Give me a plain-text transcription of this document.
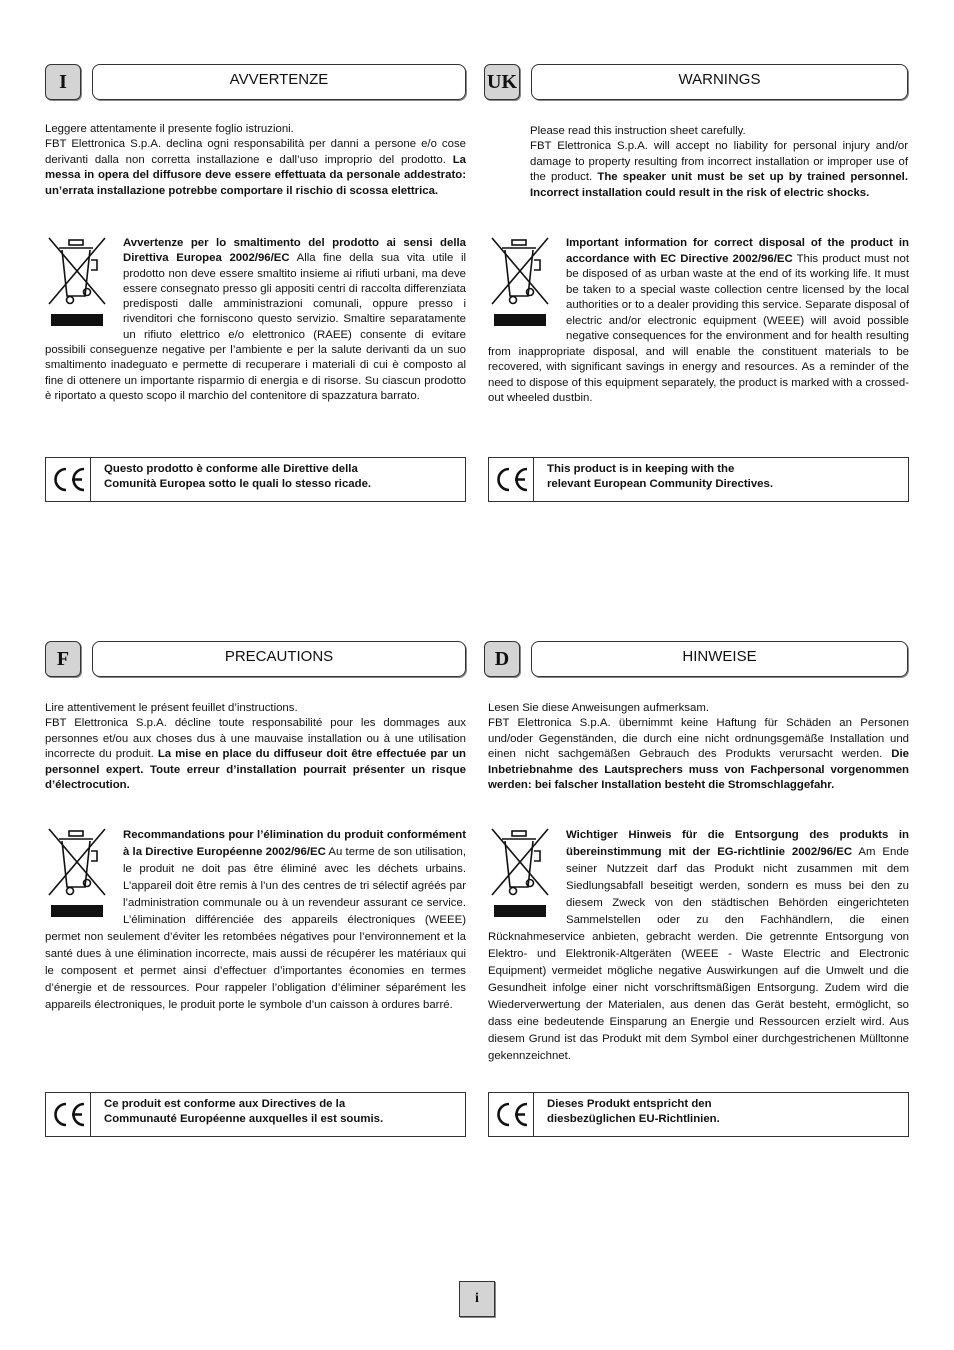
I	AVVERTENZE

Leggere attentamente il presente foglio istruzioni.

FBT Elettronica S.p.A. declina ogni responsabilità per danni a persone e/o cose derivanti dalla non corretta installazione e dall’uso improprio del prodotto. La messa in opera del diffusore deve essere effettuata da personale addestrato: un’errata installazione potrebbe comportare il rischio di scossa elettrica.

Avvertenze per lo smaltimento del prodotto ai sensi della Direttiva Europea 2002/96/EC Alla fine della sua vita utile il prodotto non deve essere smaltito insieme ai rifiuti urbani, ma deve essere consegnato presso gli appositi centri di raccolta differenziata predisposti dalle amministrazioni comunali, oppure presso i rivenditori che forniscono questo servizio. Smaltire separatamente un rifiuto elettrico e/o elettronico (RAEE) consente di evitare possibili conseguenze negative per l’ambiente e per la salute derivanti da un suo smaltimento inadeguato e permette di recuperare i materiali di cui è composto al fine di ottenere un importante risparmio di energia e di risorse. Su ciascun prodotto è riportato a questo scopo il marchio del contenitore di spazzatura barrato.
Questo prodotto è conforme alle Direttive della
Comunità Europea sotto le quali lo stesso ricade.
UK	WARNINGS

Please read this instruction sheet carefully.

FBT Elettronica S.p.A. will accept no liability for personal injury and/or damage to property resulting from incorrect installation or improper use of the product. The speaker unit must be set up by trained personnel. Incorrect installation could result in the risk of electric shocks.

Important information for correct disposal of the product in accordance with EC Directive 2002/96/EC This product must not be disposed of as urban waste at the end of its working life. It must be taken to a special waste collection centre licensed by the local authorities or to a dealer providing this service. Separate disposal of electric and/or electronic equipment (WEEE) will avoid possible negative consequences for the environment and for health resulting from inappropriate disposal, and will enable the constituent materials to be recovered, with significant savings in energy and resources. As a reminder of the need to dispose of this equipment separately, the product is marked with a crossed-out wheeled dustbin.
This product is in keeping with the
relevant European Community Directives.
F	PRECAUTIONS

Lire attentivement le présent feuillet d’instructions.

FBT Elettronica S.p.A. décline toute responsabilité pour les dommages aux personnes et/ou aux choses dus à une mauvaise installation ou à une utilisation incorrecte du produit. La mise en place du diffuseur doit être effectuée par un personnel expert. Toute erreur d’installation pourrait présenter un risque d’électrocution.

Recommandations pour l’élimination du produit conformément à la Directive Européenne 2002/96/EC Au terme de son utilisation, le produit ne doit pas être éliminé avec les déchets urbains. L’appareil doit être remis à l’un des centres de tri sélectif agréés par l’administration communale ou à un revendeur assurant ce service. L’élimination différenciée des appareils électroniques (WEEE) permet non seulement d’éviter les retombées négatives pour l’environnement et la santé dues à une élimination incorrecte, mais aussi de récupérer les matériaux qui le composent et permet ainsi d’effectuer d’importantes économies en termes d’énergie et de ressources. Pour rappeler l’obligation d’éliminer séparément les appareils électroniques, le produit porte le symbole d’un caisson à ordures barré.
Ce produit est conforme aux Directives de la
Communauté Européenne auxquelles il est soumis.
D	HINWEISE

Lesen Sie diese Anweisungen aufmerksam.

FBT Elettronica S.p.A. übernimmt keine Haftung für Schäden an Personen und/oder Gegenständen, die durch eine nicht ordnungsgemäße Installation und einen nicht sachgemäßen Gebrauch des Produkts verursacht werden. Die Inbetriebnahme des Lautsprechers muss von Fachpersonal vorgenommen werden: bei falscher Installation besteht die Stromschlaggefahr.

Wichtiger Hinweis für die Entsorgung des produkts in übereinstimmung mit der EG-richtlinie 2002/96/EC Am Ende seiner Nutzzeit darf das Produkt nicht zusammen mit dem Siedlungsabfall beseitigt werden, sondern es muss bei den zu diesem Zweck von den städtischen Behörden eingerichteten Sammelstellen oder zu den Fachhändlern, die einen Rücknahmeservice anbieten, gebracht werden. Die getrennte Entsorgung von Elektro- und Elektronik-Altgeräten (WEEE - Waste Electric and Electronic Equipment) vermeidet mögliche negative Auswirkungen auf die Umwelt und die Gesundheit infolge einer nicht vorschriftsmäßigen Entsorgung. Zudem wird die Wiederverwertung der Materialen, aus denen das Gerät besteht, ermöglicht, so dass eine bedeutende Einsparung an Energie und Ressourcen erzielt wird. Aus diesem Grund ist das Produkt mit dem Symbol einer durchgestrichenen Mülltonne gekennzeichnet.
Dieses Produkt entspricht den
diesbezüglichen EU-Richtlinien.
i
